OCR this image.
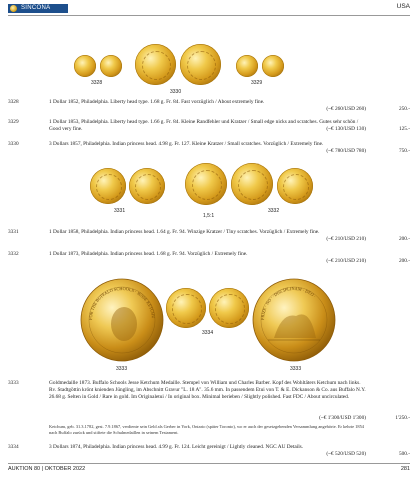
SINCONA	USA
3328
3330
3329
3328	1 Dollar 1852, Philadelphia. Liberty head type. 1.68 g. Fr. 84. Fast vorzüglich / About extremely fine.
(~€ 260/USD 260)	250.-
3329	1 Dollar 1853, Philadelphia. Liberty head type. 1.66 g. Fr. 84. Kleine Randfehler und Kratzer / Small edge nicks and scratches. Gutes sehr schön / Good very fine.	(~€ 130/USD 130)	125.-
3330	3 Dollars 1857, Philadelphia. Indian princess head. 4.98 g. Fr. 127. Kleine Kratzer / Small scratches. Vorzüglich / Extremely fine.
(~€ 780/USD 780)	750.-
3331
1,5:1
3332
3331	1 Dollar 1858, Philadelphia. Indian princess head. 1.64 g. Fr. 94. Winzige Kratzer / Tiny scratches. Vorzüglich / Extremely fine.
(~€ 210/USD 210)	200.-
3332	1 Dollar 1873, Philadelphia. Indian princess head. 1.68 g. Fr. 94. Vorzüglich / Extremely fine.
(~€ 210/USD 210)	200.-
FOR THE BUFFALO SCHOOLS · JESSE KETCHU
3333
3334
PRIZE · NO · ·DISCIPLINAM · DEO ·
3333
3333	Goldmedaille 1873. Buffalo Schools Jesse Ketchum Medaille. Stempel von William und Charles Barber. Kopf des Wohltäters Ketchum nach links. Rv. Stadtgöttin krönt knienden Jüngling, im Abschnitt Gravur "L. 18 A". 35.6 mm. In passendem Etui von T. & E. Dickanson & Co. aus Buffalo N.Y. 26.68 g. Selten in Gold / Rare in gold. Im Originaletui / In original box. Minimal berieben / Slightly polished. Fast FDC / About uncirculated.
(~€ 1'300/USD 1'300)	1'250.-
Ketchum, geb. 31.3.1782, gest. 7.9.1867, verdiente sein Geld als Gerber in York, Ontario (später Toronto), wo er auch der gesetzgebenden Versammlung angehörte. Er kehrte 1854 nach Buffalo zurück und stiftete die Schulmedaillen in seinem Testament.
3334	3 Dollars 1874, Philadelphia. Indian princess head. 4.99 g. Fr. 124. Leicht gereinigt / Lightly cleaned. NGC AU Details.
(~€ 520/USD 520)	500.-
AUKTION 80 | OKTOBER 2022	281
